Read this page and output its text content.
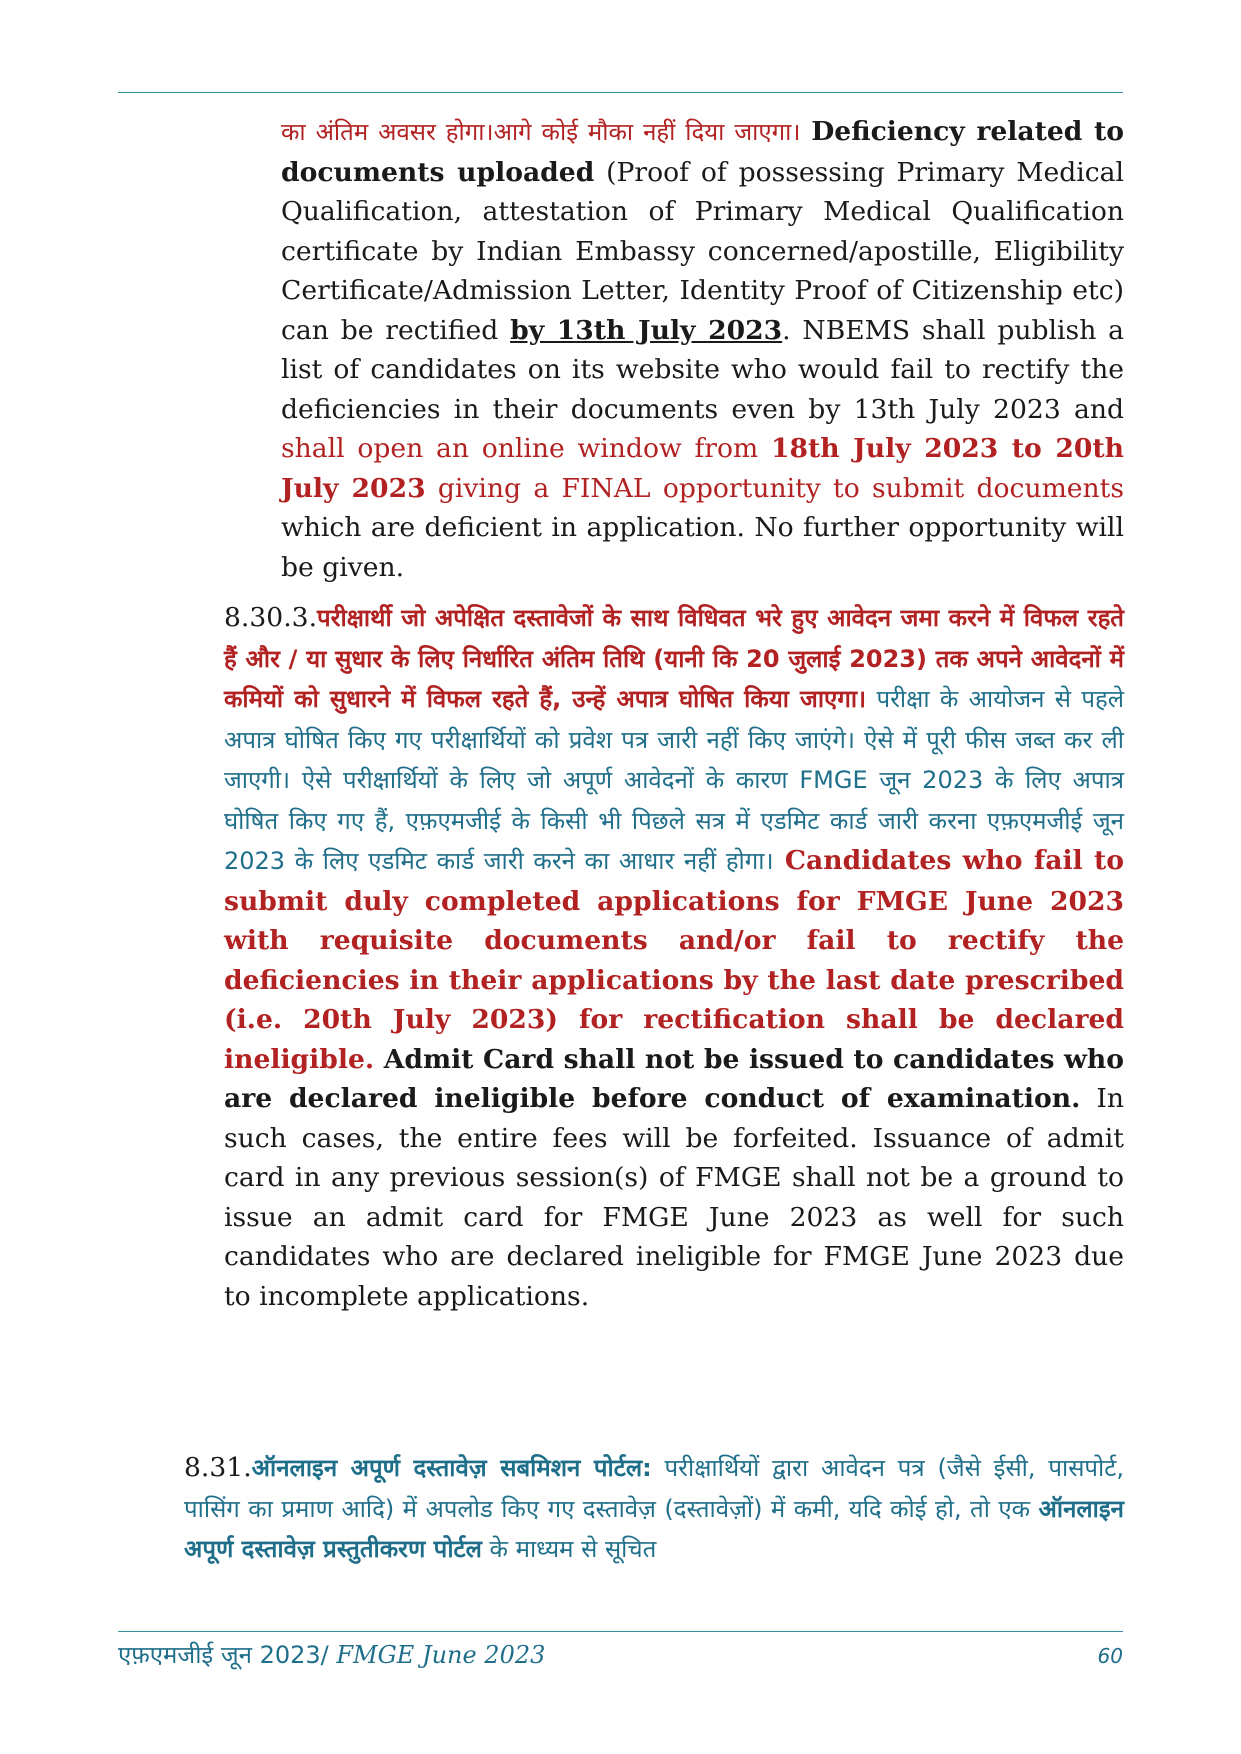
का अंतिम अवसर होगा।आगे कोई मौका नहीं दिया जाएगा। Deficiency related to documents uploaded (Proof of possessing Primary Medical Qualification, attestation of Primary Medical Qualification certificate by Indian Embassy concerned/apostille, Eligibility Certificate/Admission Letter, Identity Proof of Citizenship etc) can be rectified by 13th July 2023. NBEMS shall publish a list of candidates on its website who would fail to rectify the deficiencies in their documents even by 13th July 2023 and shall open an online window from 18th July 2023 to 20th July 2023 giving a FINAL opportunity to submit documents which are deficient in application. No further opportunity will be given.
8.30.3.परीक्षार्थी जो अपेक्षित दस्तावेजों के साथ विधिवत भरे हुए आवेदन जमा करने में विफल रहते हैं और / या सुधार के लिए निर्धारित अंतिम तिथि (यानी कि 20 जुलाई 2023) तक अपने आवेदनों में कमियों को सुधारने में विफल रहते हैं, उन्हें अपात्र घोषित किया जाएगा। परीक्षा के आयोजन से पहले अपात्र घोषित किए गए परीक्षार्थियों को प्रवेश पत्र जारी नहीं किए जाएंगे। ऐसे में पूरी फीस जब्त कर ली जाएगी। ऐसे परीक्षार्थियों के लिए जो अपूर्ण आवेदनों के कारण FMGE जून 2023 के लिए अपात्र घोषित किए गए हैं, एफ़एमजीई के किसी भी पिछले सत्र में एडमिट कार्ड जारी करना एफ़एमजीई जून 2023 के लिए एडमिट कार्ड जारी करने का आधार नहीं होगा। Candidates who fail to submit duly completed applications for FMGE June 2023 with requisite documents and/or fail to rectify the deficiencies in their applications by the last date prescribed (i.e. 20th July 2023) for rectification shall be declared ineligible. Admit Card shall not be issued to candidates who are declared ineligible before conduct of examination. In such cases, the entire fees will be forfeited. Issuance of admit card in any previous session(s) of FMGE shall not be a ground to issue an admit card for FMGE June 2023 as well for such candidates who are declared ineligible for FMGE June 2023 due to incomplete applications.
8.31.ऑनलाइन अपूर्ण दस्तावेज़ सबमिशन पोर्टल: परीक्षार्थियों द्वारा आवेदन पत्र (जैसे ईसी, पासपोर्ट, पासिंग का प्रमाण आदि) में अपलोड किए गए दस्तावेज़ (दस्तावेज़ों) में कमी, यदि कोई हो, तो एक ऑनलाइन अपूर्ण दस्तावेज़ प्रस्तुतीकरण पोर्टल के माध्यम से सूचित
एफ़एमजीई जून 2023/ FMGE June 2023	60
